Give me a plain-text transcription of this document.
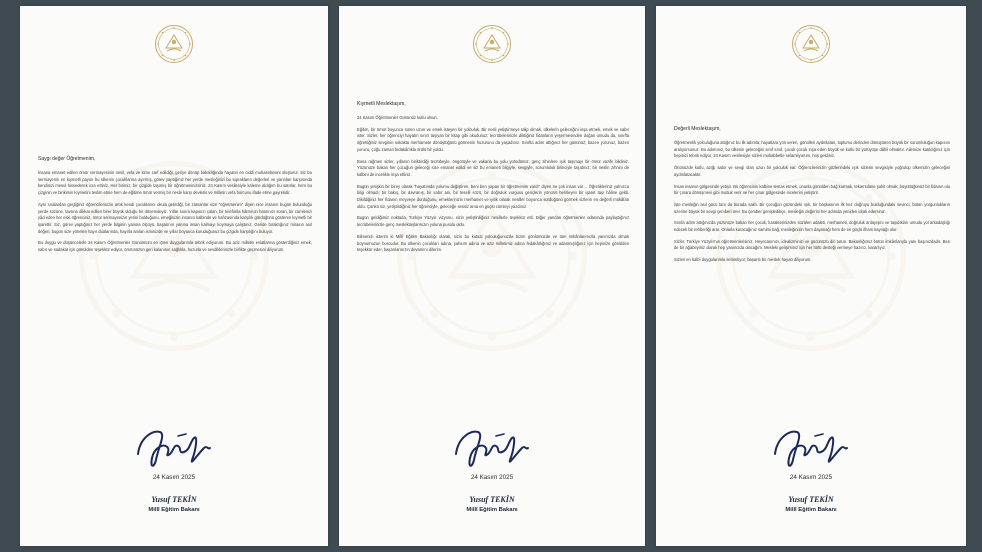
Saygı değer Öğretmenim,

İnsana emanet edilen ömür sermayesinin nesil, vefa ve kime sarf edildiği, geriye dönüp bakıldığında hayatın en ciddi muhasebesini oluşturur. Siz bu sermayenin en kıymetli payını bu ülkenin çocuklarına ayırmış, görev yaptığınız her yerde mesleğinizi bu toprakların değerleri ve yarınları karşısında kendinizi mesul hissederek icra ettiniz. Her birimiz, bir çizgide taşımış bir öğretmeninizsiniz. 24 Kasım vesilesiyle kaleme aldığım bu satırlar, hem bu çizginin ve birikimin kıymetini teslim etme hem de eğitime ömür vermiş bir nesle karşı devletin ve milletin vefa borcunu ifade etme gayretidir.

Aynı sıralardan geçtiğiniz öğrencilerinizin artık kendi çocuklarını okula getirdiği, bir zamanlar size "öğretmenim" diyen nice insanın bugün bulunduğu yerde sözüne, tavrına dikkat edilen birer büyük olduğu bir dönemdeyiz. Yıllar sonra kapınızı çalan, bir telefonla hâtırınızı hatırınızı soran, bir cümlenizi yâd eden her eski öğrenciniz, ömür sermayenizin yerini bulduğunu, emeğinizin insanın kalbinde ve hafızasında karşılık gördüğünü gösteren kıymetli bir işarettir. Siz, görev yaptığınız her yerde bilginin yanına ölçüyü, başarının yanına insan kalmayı koymaya çalıştınız. Geride bıraktığınız mirasın asıl değeri, bugün size yönelen hayır dualarında, hayırla anılan isminizde ve yıllar boyunca koruduğunuz bu çizgide karşılığını buluyor.

Bu duygu ve düşüncelerle 24 Kasım Öğretmenler Günümüzü en içten duygularımla tebrik ediyorum. Bu aziz milletin evlatlarına gösterdiğiniz emek, sabır ve sadakat için gönülden teşekkür ediyor, ömrünüzün geri kalanının sağlıkla, huzurla ve sevdiklerinizle birlikte geçmesini diliyorum.

24 Kasım 2025
Yusuf TEKİN
Millî Eğitim Bakanı

Kıymetli Meslektaşım,

24 Kasım Öğretmenler Gününüz kutlu olsun.

Eğitim, bir ömür boyunca süren uzun ve emek isteyen bir yolculuk. Bir nesli yetiştirmeye talip olmak, ülkelerin geleceğini inşa etmek, emek ve sabır ister. Sizler, her öğrenciyi hayatın sınırı taşıyan bir kitap gibi okudunuz; tecrübelerinizle diktiğiniz fidanların yeşermesinden doğan umudu da, sınıfta öğrettiğiniz sevginin sokakta merhamete dönüştüğünü görmenin huzurunu da yaşadınız. Sınıfta adım attığınız her gününüz; bazen yorunuz, bazen yorucu, çoğu zaman fedakârlıkla örülü bir yoldu.

Buna rağmen sizler, yıllanın biriktirdiği tecrübeyle, öngörüyle ve vakarla bu yolu yürüdünüz; genç zihinlere ışık taşımayı bir ömür vazife bildiniz. Yüzünüze bakan her çocuğun geleceği size emanet edildi ve siz bu emaneti bilgiyle, sevgiyle, sorumluluk bilinciyle taşıdınız; bir neslin zihnini de kalbini de incelikle inşa ettiniz.

Bugün yetişkin bir birey olarak "hayatımda yolumu değiştiren, beni ben yapan bir öğretmenim vardı" diyen ne çok insan var… Öğretikleriniz yalnızca bilgi olmadı; bir bakış, bir davranış, bir sabır anı, bir teselli sözü, bir doğruluk vurgusu gençlerin yönünü belirleyen bir işaret taşı hâline geldi. Dikildiğiniz her fidanın meyveye durduğunu, emeklerinizin merhamet ve iyilik olarak nesiller boyunca sürdüğünü görmek sizlerin en değerli mükâfatı oldu. Çünkü siz, yetiştirdiğiniz her öğrenciyle, geleceğe sessiz ama en güçlü cümleyi yazdınız.

Bugün geldiğimiz noktada, Türkiye Yüzyılı vizyonu, sizin yetiştirdiğiniz nesillerle teşekkür etti. Diğer yandan öğretmenler odasında paylaştığınız tecrübelerinizle genç meslektaşlarınızın yoluna pusula oldu.

Bilmenizi isterim ki Millî Eğitim Bakanlığı olarak, sizin bu kutsal yolculuğunuzda bizim gönlümüzde ve tüm imkânlarımızla yanınızda olmak boynumuzun borcudur. Bu ülkenin çocukları adına, şahsım adına ve aziz milletimiz adına fedakârlığınız ve adanmışlığınız için hepinize gönülden teşekkür eder, başarılarınızın devamını dilerim.

24 Kasım 2025
Yusuf TEKİN
Millî Eğitim Bakanı

Değerli Meslektaşım,

Öğretmenlik yolculuğuna attığınız bu ilk adımla; hayatlara yön veren, gönülleri aydınlatan, toplumu derinden dönüştüren büyük bir sorumluluğun kapısını aralıyorsunuz. Bu adımınız, bu ülkenin geleceğini sınıf sınıf, çocuk çocuk inşa eden büyük ve kutlu bir yürüyüşe dâhil olmaktır. Ailemize katıldığınız için hepinizi tebrik ediyor, 24 Kasım vesilesiyle sizleri muhabbetle selamlıyorum, hoş geldiniz.

Önünüzde kutlu, azığı sabır ve sevgi olan uzun bir yolculuk var. Öğrencilerinizin gözlerindeki ışık sizlerin sevgisiyle yoğrulup ülkemizin geleceğini aydınlatacaktır.

İnsan insanın gölgesinde yetişir. Bir öğrencinin kalbine temas etmek, onunla gönülden bağ kurmak, tekamülüne şahit olmak; büyüttüğünüz bir fidanın ulu bir çınara dönüşmesi gibi mutluk verir ve her çınar gölgesinde nicelerini yetiştirir.

İşte mesleğin asıl gücü tam da burada saklı. Bir çocuğun gözündeki ışık, bir başkasının ilk kez doğruyu bulduğundaki sevinci, bütün yorgunlukların üzerine büyük bir sevgi çemberi örer. Bu çember genişledikçe, mesleğin değerini her adımda yeniden idrak edersiniz.

Sınıfa adım attığınızda yüzünüze bakan her çocuk, karakterinizden süzülen adaleti, merhameti, doğruluk anlayışını ve taşıdıkları umudu yol arkadaşlığı edecek bir rehberliği arar. Onlarla kuracağınız samimi bağ, mesleğinizin hem dayanağı hem de en güçlü ilham kaynağı olur.

Sizler, Türkiye Yüzyılı'nın öğretmenlerisiniz. Heyecanınızı, idealizminizi ve gücünüzü diri tutun. Bakanlığımız bütün imkânlarıyla yanı başınızdadır. Ben de bir ağabeyiniz olarak hep yanınızda olacağım. Mesleki gelişiminiz için her türlü desteği vermeye hazırız, kararlıyız.

Sizleri en kalbî duygularımla selamlıyor; başarılı bir meslek hayatı diliyorum.

24 Kasım 2025
Yusuf TEKİN
Millî Eğitim Bakanı
